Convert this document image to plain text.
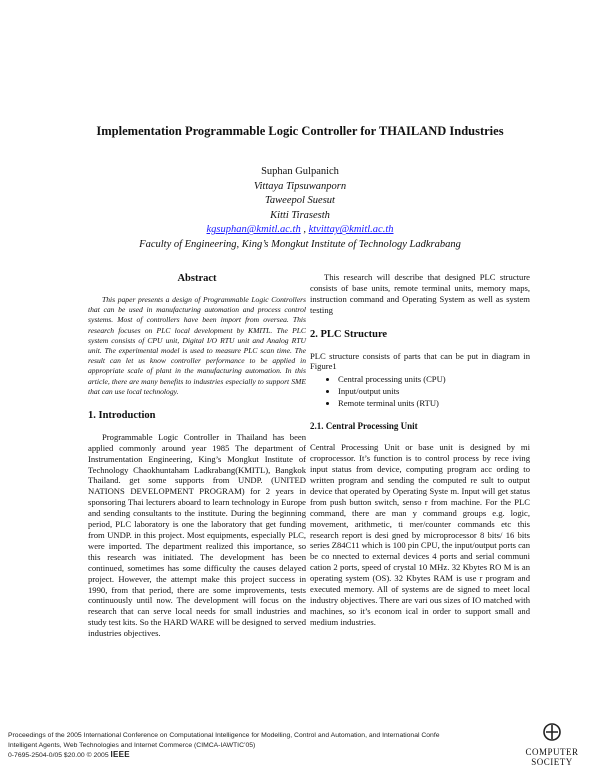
Implementation Programmable Logic Controller for THAILAND Industries
Suphan Gulpanich
Vittaya Tipsuwanporn
Taweepol Suesut
Kitti Tirasesth
kgsuphan@kmitl.ac.th , ktvittay@kmitl.ac.th
Faculty of Engineering, King’s Mongkut Institute of Technology Ladkrabang
Abstract

This paper presents a design of Programmable Logic Controllers that can be used in manufacturing automation and process control systems. Most of controllers have been import from oversea. This research focuses on PLC local development by KMITL. The PLC system consists of CPU unit, Digital I/O RTU unit and Analog RTU unit. The experimental model is used to measure PLC scan time. The result can let us know controller performance to be applied in appropriate scale of plant in the manufacturing automation. In this article, there are many benefits to industries especially to support SME that can use local technology.

1. Introduction

Programmable Logic Controller in Thailand has been applied commonly around year 1985 The department of Instrumentation Engineering, King’s Mongkut Institute of Technology Chaokhuntaham Ladkrabang(KMITL), Bangkok Thailand. get some supports from UNDP. (UNITED NATIONS DEVELOPMENT PROGRAM) for 2 years in sponsoring Thai lecturers aboard to learn technology in Europe and sending consultants to the institute. During the beginning period, PLC laboratory is one the laboratory that get funding from UNDP. in this project. Most equipments, especially PLC, were imported. The department realized this importance, so this research was initiated. The development has been continued, sometimes has some difficulty the causes delayed project. However, the attempt make this project success in 1990, from that period, there are some improvements, tests continuously until now. The development will focus on the research that can serve local needs for small industries and study test kits. So the HARD WARE will be designed to served industries objectives.

This research will describe that designed PLC structure consists of base units, remote terminal units, memory maps, instruction command and Operating System as well as system testing

2. PLC Structure

PLC structure consists of parts that can be put in diagram in Figure1

• Central processing units (CPU)
• Input/output units
• Remote terminal units (RTU)
2.1. Central Processing Unit

Central Processing Unit or base unit is designed by mi croprocessor. It’s function is to control process by rece iving input status from device, computing program acc ording to written program and sending the computed re sult to output device that operated by Operating Syste m. Input will get status from push button switch, senso r from machine. For the PLC command, there are man y command groups e.g. logic, movement, arithmetic, ti mer/counter commands etc this research report is desi gned by microprocessor 8 bits/ 16 bits series Z84C11 which is 100 pin CPU, the input/output ports can be co nnected to external devices 4 ports and serial communi cation 2 ports, speed of crystal 10 MHz. 32 Kbytes RO M is an operating system (OS). 32 Kbytes RAM is use r program and executed memory. All of systems are de signed to meet local industry objectives. There are vari ous sizes of IO matched with machines, so it’s econom ical in order to support small and medium industries.

Proceedings of the 2005 International Conference on Computational Intelligence for Modelling, Control and Automation, and International Confe
Intelligent Agents, Web Technologies and Internet Commerce (CIMCA-IAWTIC’05)
0-7695-2504-0/05 $20.00 © 2005 IEEE	COMPUTER
SOCIETY
